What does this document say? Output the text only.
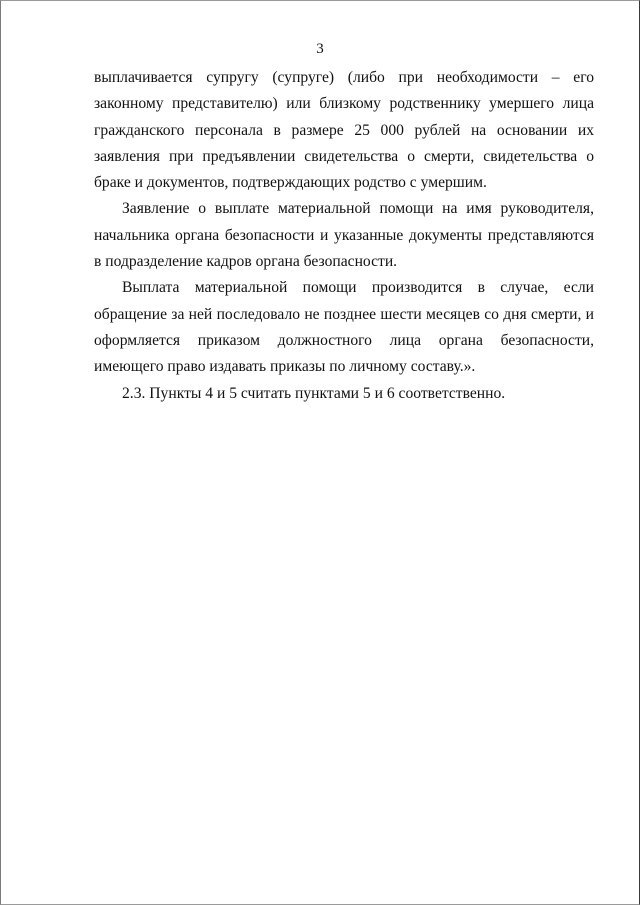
3

выплачивается супругу (супруге) (либо при необходимости – его законному представителю) или близкому родственнику умершего лица гражданского персонала в размере 25 000 рублей на основании их заявления при предъявлении свидетельства о смерти, свидетельства о браке и документов, подтверждающих родство с умершим.

Заявление о выплате материальной помощи на имя руководителя, начальника органа безопасности и указанные документы представляются в подразделение кадров органа безопасности.

Выплата материальной помощи производится в случае, если обращение за ней последовало не позднее шести месяцев со дня смерти, и оформляется приказом должностного лица органа безопасности, имеющего право издавать приказы по личному составу.».

2.3. Пункты 4 и 5 считать пунктами 5 и 6 соответственно.
